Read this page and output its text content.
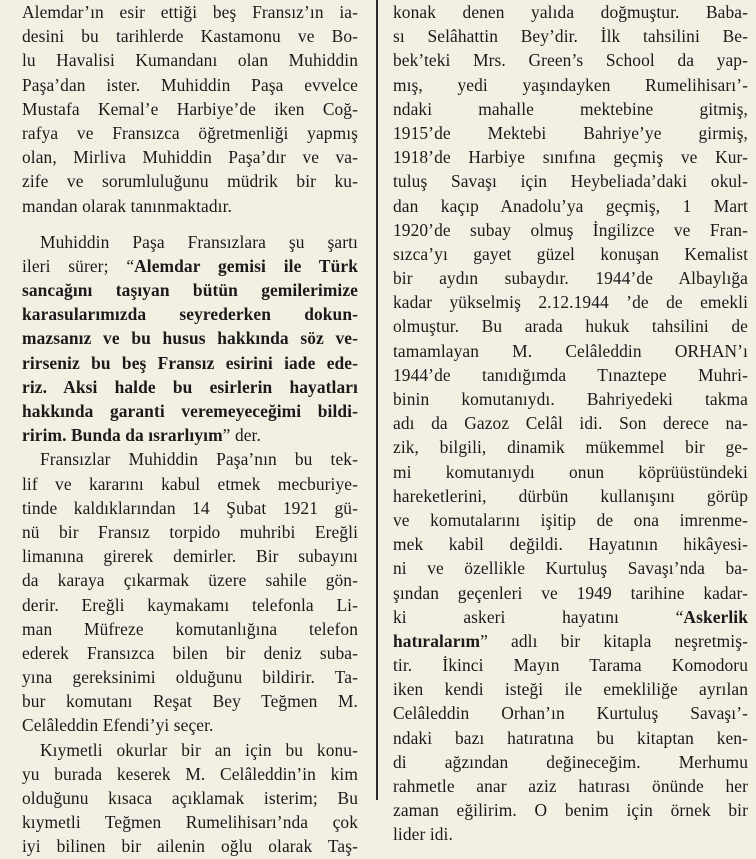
Alemdar’ın esir ettiği beş Fransız’ın ia-
desini bu tarihlerde Kastamonu ve Bo-
lu Havalisi Kumandanı olan Muhiddin
Paşa’dan ister. Muhiddin Paşa evvelce
Mustafa Kemal’e Harbiye’de iken Coğ-
rafya ve Fransızca öğretmenliği yapmış
olan, Mirliva Muhiddin Paşa’dır ve va-
zife ve sorumluluğunu müdrik bir ku-
mandan olarak tanınmaktadır.
Muhiddin Paşa Fransızlara şu şartı
ileri sürer; “Alemdar gemisi ile Türk
sancağını taşıyan bütün gemilerimize
karasularımızda seyrederken dokun-
mazsanız ve bu husus hakkında söz ve-
rirseniz bu beş Fransız esirini iade ede-
riz. Aksi halde bu esirlerin hayatları
hakkında garanti veremeyeceğimi bildi-
ririm. Bunda da ısrarlıyım” der.
Fransızlar Muhiddin Paşa’nın bu tek-
lif ve kararını kabul etmek mecburiye-
tinde kaldıklarından 14 Şubat 1921 gü-
nü bir Fransız torpido muhribi Ereğli
limanına girerek demirler. Bir subayını
da karaya çıkarmak üzere sahile gön-
derir. Ereğli kaymakamı telefonla Li-
man Müfreze komutanlığına telefon
ederek Fransızca bilen bir deniz suba-
yına gereksinimi olduğunu bildirir. Ta-
bur komutanı Reşat Bey Teğmen M.
Celâleddin Efendi’yi seçer.
Kıymetli okurlar bir an için bu konu-
yu burada keserek M. Celâleddin’in kim
olduğunu kısaca açıklamak isterim; Bu
kıymetli Teğmen Rumelihisarı’nda çok
iyi bilinen bir ailenin oğlu olarak Taş-
konak denen yalıda doğmuştur. Baba-
sı Selâhattin Bey’dir. İlk tahsilini Be-
bek’teki Mrs. Green’s School da yap-
mış, yedi yaşındayken Rumelihisarı’-
ndaki mahalle mektebine gitmiş,
1915’de Mektebi Bahriye’ye girmiş,
1918’de Harbiye sınıfına geçmiş ve Kur-
tuluş Savaşı için Heybeliada’daki okul-
dan kaçıp Anadolu’ya geçmiş, 1 Mart
1920’de subay olmuş İngilizce ve Fran-
sızca’yı gayet güzel konuşan Kemalist
bir aydın subaydır. 1944’de Albaylığa
kadar yükselmiş 2.12.1944 ’de de emekli
olmuştur. Bu arada hukuk tahsilini de
tamamlayan M. Celâleddin ORHAN’ı
1944’de tanıdığımda Tınaztepe Muhri-
binin komutanıydı. Bahriyedeki takma
adı da Gazoz Celâl idi. Son derece na-
zik, bilgili, dinamik mükemmel bir ge-
mi komutanıydı onun köprüüstündeki
hareketlerini, dürbün kullanışını görüp
ve komutalarını işitip de ona imrenme-
mek kabil değildi. Hayatının hikâyesi-
ni ve özellikle Kurtuluş Savaşı’nda ba-
şından geçenleri ve 1949 tarihine kadar-
ki askeri hayatını “Askerlik
hatıralarım” adlı bir kitapla neşretmiş-
tir. İkinci Mayın Tarama Komodoru
iken kendi isteği ile emekliliğe ayrılan
Celâleddin Orhan’ın Kurtuluş Savaşı’-
ndaki bazı hatıratına bu kitaptan ken-
di ağzından değineceğim. Merhumu
rahmetle anar aziz hatırası önünde her
zaman eğilirim. O benim için örnek bir
lider idi.
